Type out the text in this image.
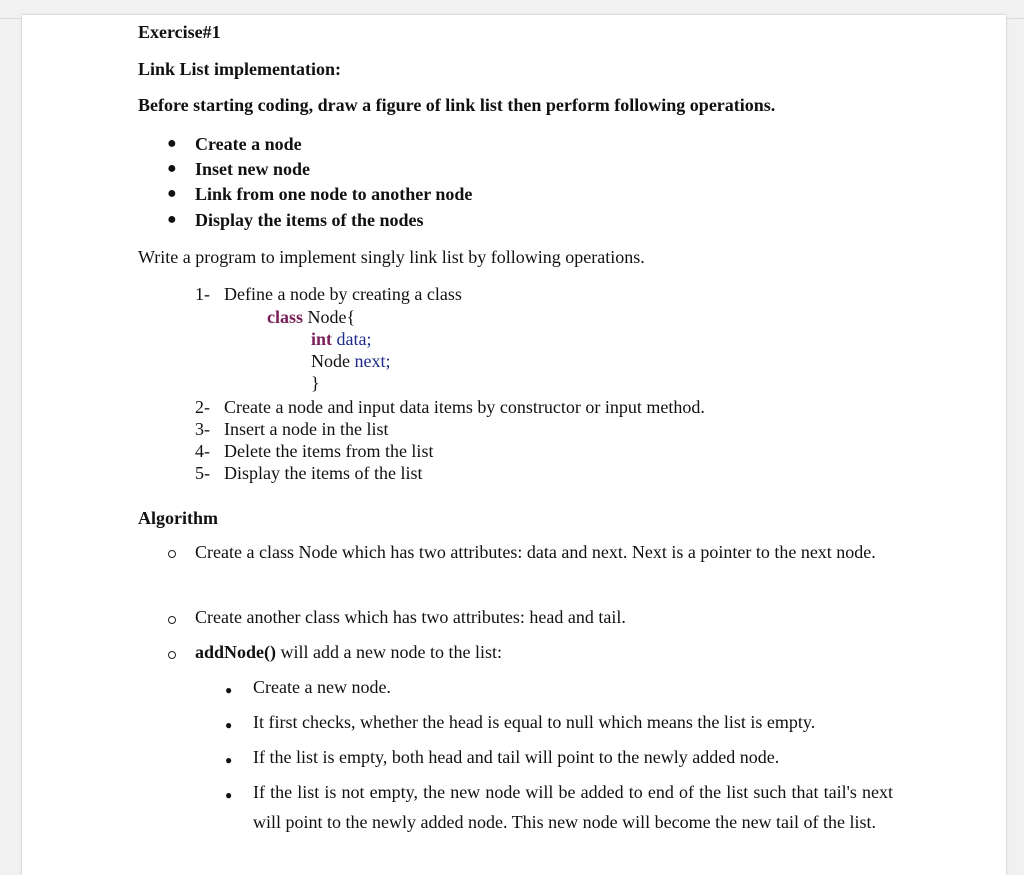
Exercise#1
Link List implementation:
Before starting coding, draw a figure of link list then perform following operations.
● Create a node
● Inset new node
● Link from one node to another node
● Display the items of the nodes
Write a program to implement singly link list by following operations.
1- Define a node by creating a class
class Node{
int data;
Node next;
}
2- Create a node and input data items by constructor or input method.
3- Insert a node in the list
4- Delete the items from the list
5- Display the items of the list
Algorithm
Create a class Node which has two attributes: data and next. Next is a pointer to the next node.
Create another class which has two attributes: head and tail.
addNode() will add a new node to the list:
● Create a new node.
● It first checks, whether the head is equal to null which means the list is empty.
● If the list is empty, both head and tail will point to the newly added node.
● If the list is not empty, the new node will be added to end of the list such that tail's next will point to the newly added node. This new node will become the new tail of the list.
